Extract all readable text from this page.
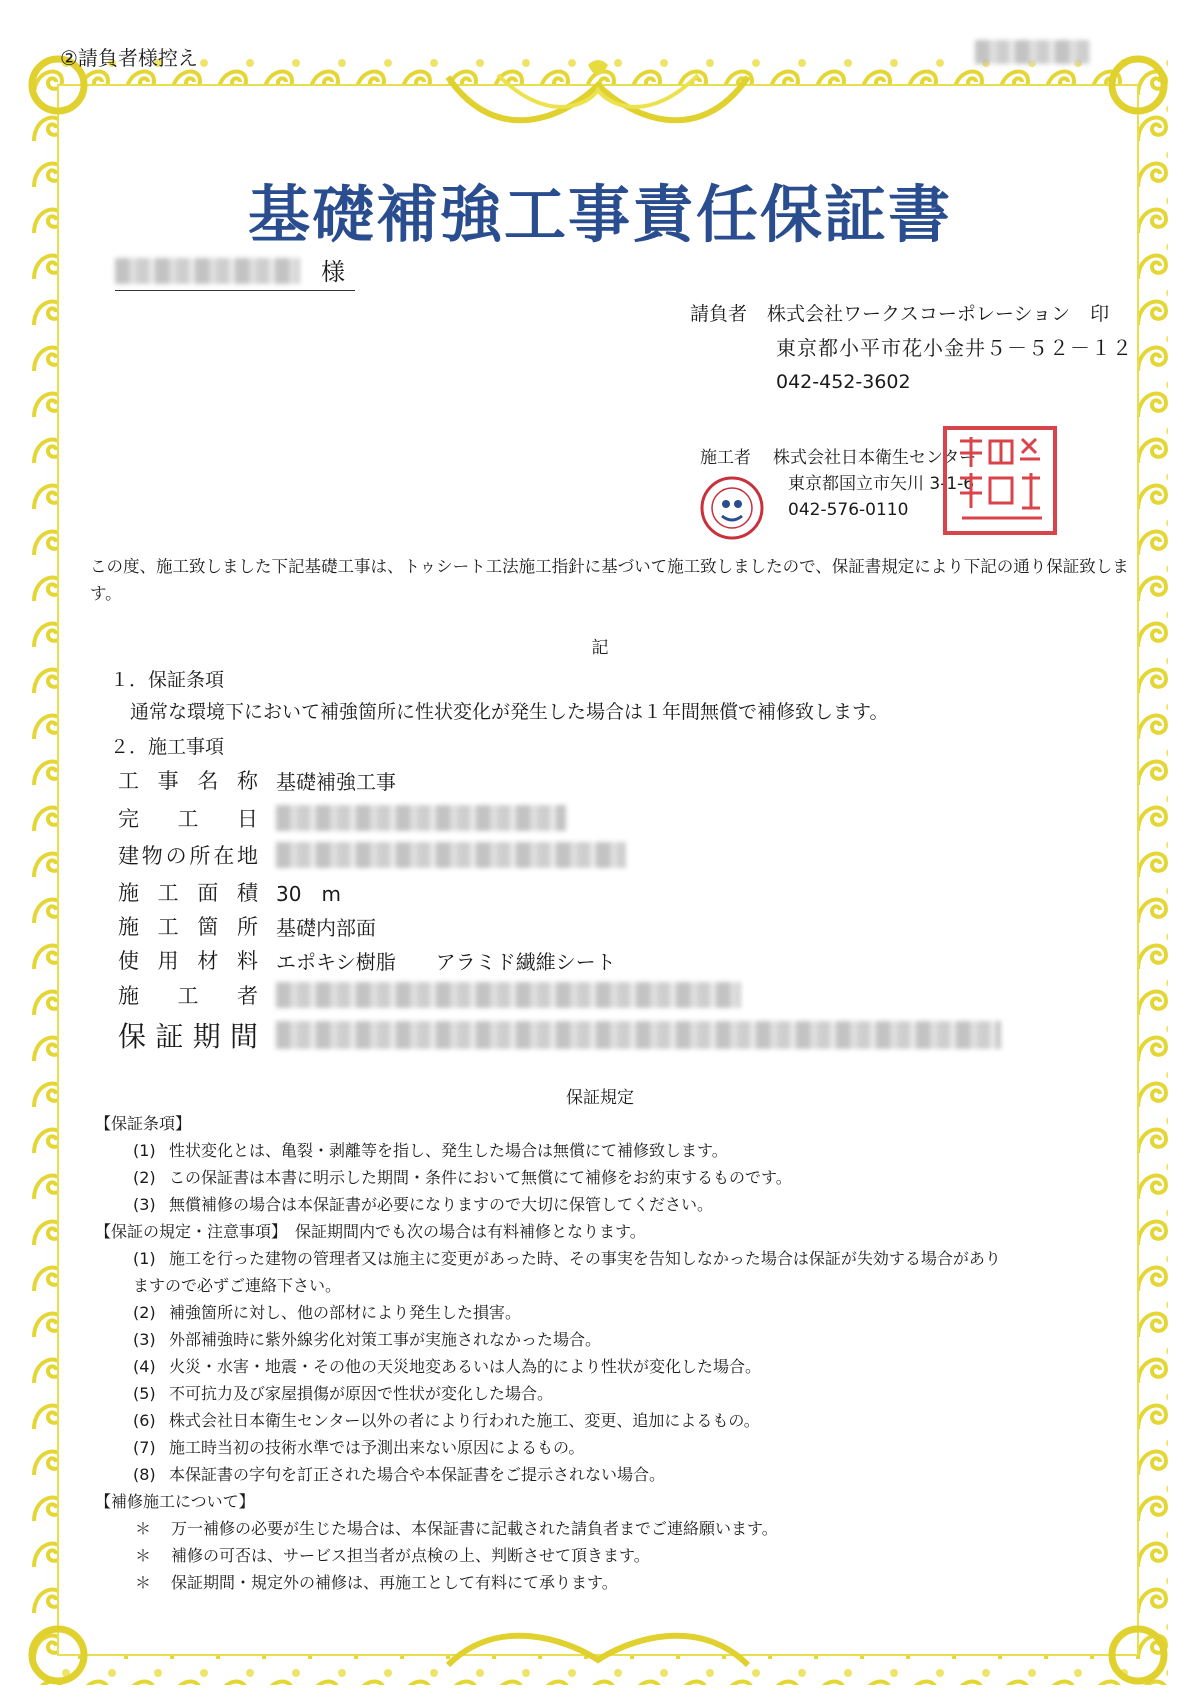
②請負者様控え
基礎補強工事責任保証書
様
請負者 株式会社ワークスコーポレーション 印
東京都小平市花小金井５－５２－１２
042-452-3602
施工者 株式会社日本衛生センター
東京都国立市矢川 3-1-6
042-576-0110
この度、施工致しました下記基礎工事は、トゥシート工法施工指針に基づいて施工致しましたので、保証書規定により下記の通り保証致します。
記
１．保証条項
通常な環境下において補強箇所に性状変化が発生した場合は１年間無償で補修致します。
２．施工事項
工 事 名 称 基礎補強工事
完 工 日
建 物 の 所 在 地
施 工 面 積 30　m
施 工 箇 所 基礎内部面
使 用 材 料 エポキシ樹脂　　アラミド繊維シート
施 工 者
保 証 期 間
保証規定
【保証条項】
(1) 性状変化とは、亀裂・剥離等を指し、発生した場合は無償にて補修致します。
(2) この保証書は本書に明示した期間・条件において無償にて補修をお約束するものです。
(3) 無償補修の場合は本保証書が必要になりますので大切に保管してください。
【保証の規定・注意事項】　保証期間内でも次の場合は有料補修となります。
(1) 施工を行った建物の管理者又は施主に変更があった時、その事実を告知しなかった場合は保証が失効する場合があり
ますので必ずご連絡下さい。
(2) 補強箇所に対し、他の部材により発生した損害。
(3) 外部補強時に紫外線劣化対策工事が実施されなかった場合。
(4) 火災・水害・地震・その他の天災地変あるいは人為的により性状が変化した場合。
(5) 不可抗力及び家屋損傷が原因で性状が変化した場合。
(6) 株式会社日本衛生センター以外の者により行われた施工、変更、追加によるもの。
(7) 施工時当初の技術水準では予測出来ない原因によるもの。
(8) 本保証書の字句を訂正された場合や本保証書をご提示されない場合。
【補修施工について】
＊ 万一補修の必要が生じた場合は、本保証書に記載された請負者までご連絡願います。
＊ 補修の可否は、サービス担当者が点検の上、判断させて頂きます。
＊ 保証期間・規定外の補修は、再施工として有料にて承ります。
